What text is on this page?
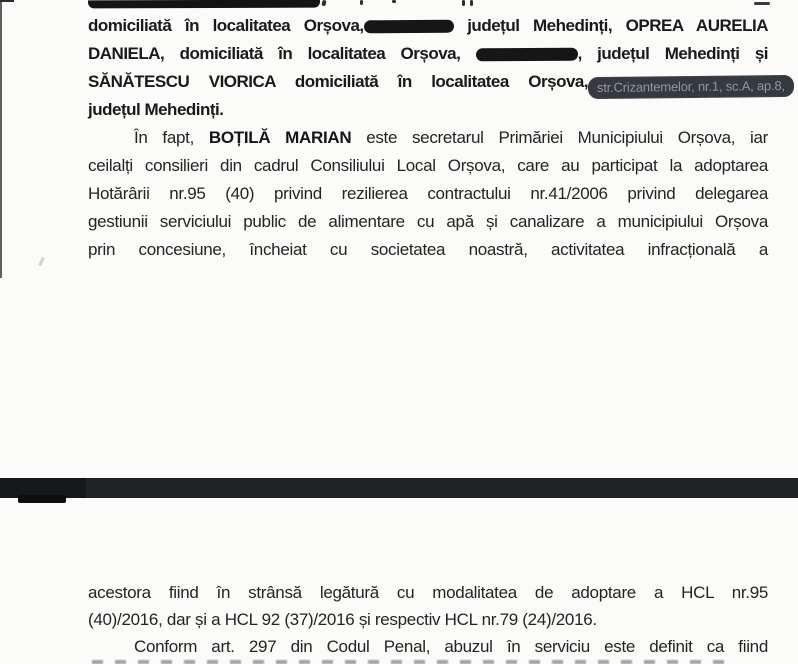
domiciliată în localitatea Orșova,	județul Mehedinți, OPREA AURELIA
DANIELA, domiciliată în localitatea Orșova,	, județul Mehedinți și
SĂNĂTESCU VIORICA domiciliată în localitatea Orșova, str.Crizantemelor, nr.1, sc.A, ap.8,
județul Mehedinți.
În fapt, BOȚILĂ MARIAN este secretarul Primăriei Municipiului Orșova, iar
ceilalți consilieri din cadrul Consiliului Local Orșova, care au participat la adoptarea
Hotărârii nr.95 (40) privind rezilierea contractului nr.41/2006 privind delegarea
gestiunii serviciului public de alimentare cu apă și canalizare a municipiului Orșova
prin concesiune, încheiat cu societatea noastră, activitatea infracțională a
acestora fiind în strânsă legătură cu modalitatea de adoptare a HCL nr.95
(40)/2016, dar și a HCL 92 (37)/2016 și respectiv HCL nr.79 (24)/2016.
Conform art. 297 din Codul Penal, abuzul în serviciu este definit ca fiind
